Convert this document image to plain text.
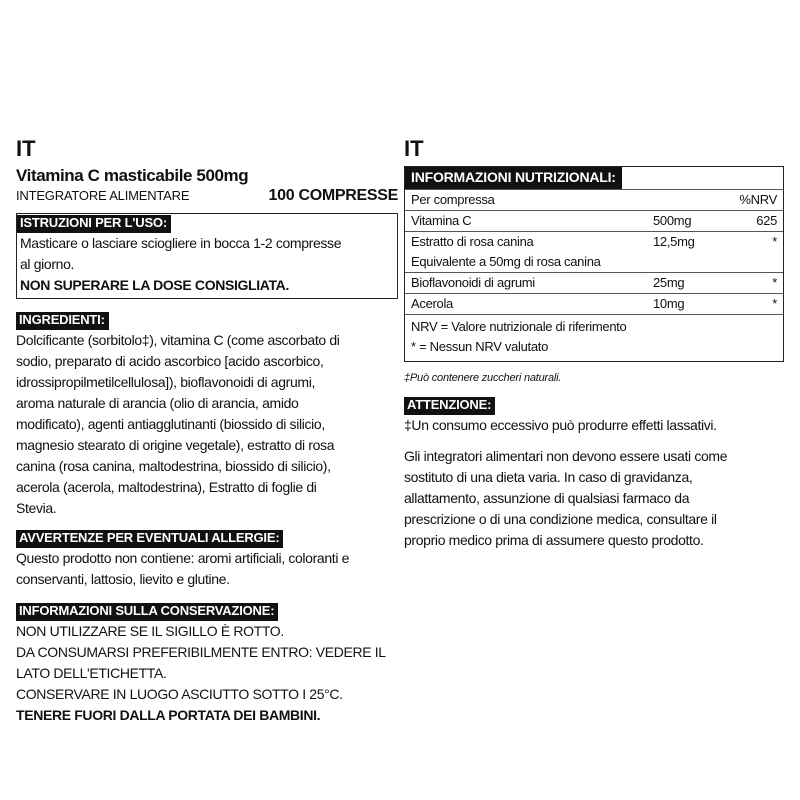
IT
Vitamina C masticabile 500mg
INTEGRATORE ALIMENTARE	100 COMPRESSE
ISTRUZIONI PER L'USO:
Masticare o lasciare sciogliere in bocca 1-2 compresse
al giorno.
NON SUPERARE LA DOSE CONSIGLIATA.
INGREDIENTI:
Dolcificante (sorbitolo‡), vitamina C (come ascorbato di
sodio, preparato di acido ascorbico [acido ascorbico,
idrossipropilmetilcellulosa]), bioflavonoidi di agrumi,
aroma naturale di arancia (olio di arancia, amido
modificato), agenti antiagglutinanti (biossido di silicio,
magnesio stearato di origine vegetale), estratto di rosa
canina (rosa canina, maltodestrina, biossido di silicio),
acerola (acerola, maltodestrina), Estratto di foglie di
Stevia.
AVVERTENZE PER EVENTUALI ALLERGIE:
Questo prodotto non contiene: aromi artificiali, coloranti e
conservanti, lattosio, lievito e glutine.
INFORMAZIONI SULLA CONSERVAZIONE:
NON UTILIZZARE SE IL SIGILLO È ROTTO.
DA CONSUMARSI PREFERIBILMENTE ENTRO: VEDERE IL
LATO DELL'ETICHETTA.
CONSERVARE IN LUOGO ASCIUTTO SOTTO I 25°C.
TENERE FUORI DALLA PORTATA DEI BAMBINI.
IT
INFORMAZIONI NUTRIZIONALI:
Per compressa	%NRV
Vitamina C	500mg	625
Estratto di rosa canina	12,5mg	*
Equivalente a 50mg di rosa canina
Bioflavonoidi di agrumi	25mg	*
Acerola	10mg	*
NRV = Valore nutrizionale di riferimento
* = Nessun NRV valutato
‡Può contenere zuccheri naturali.
ATTENZIONE:
‡Un consumo eccessivo può produrre effetti lassativi.
Gli integratori alimentari non devono essere usati come
sostituto di una dieta varia. In caso di gravidanza,
allattamento, assunzione di qualsiasi farmaco da
prescrizione o di una condizione medica, consultare il
proprio medico prima di assumere questo prodotto.
